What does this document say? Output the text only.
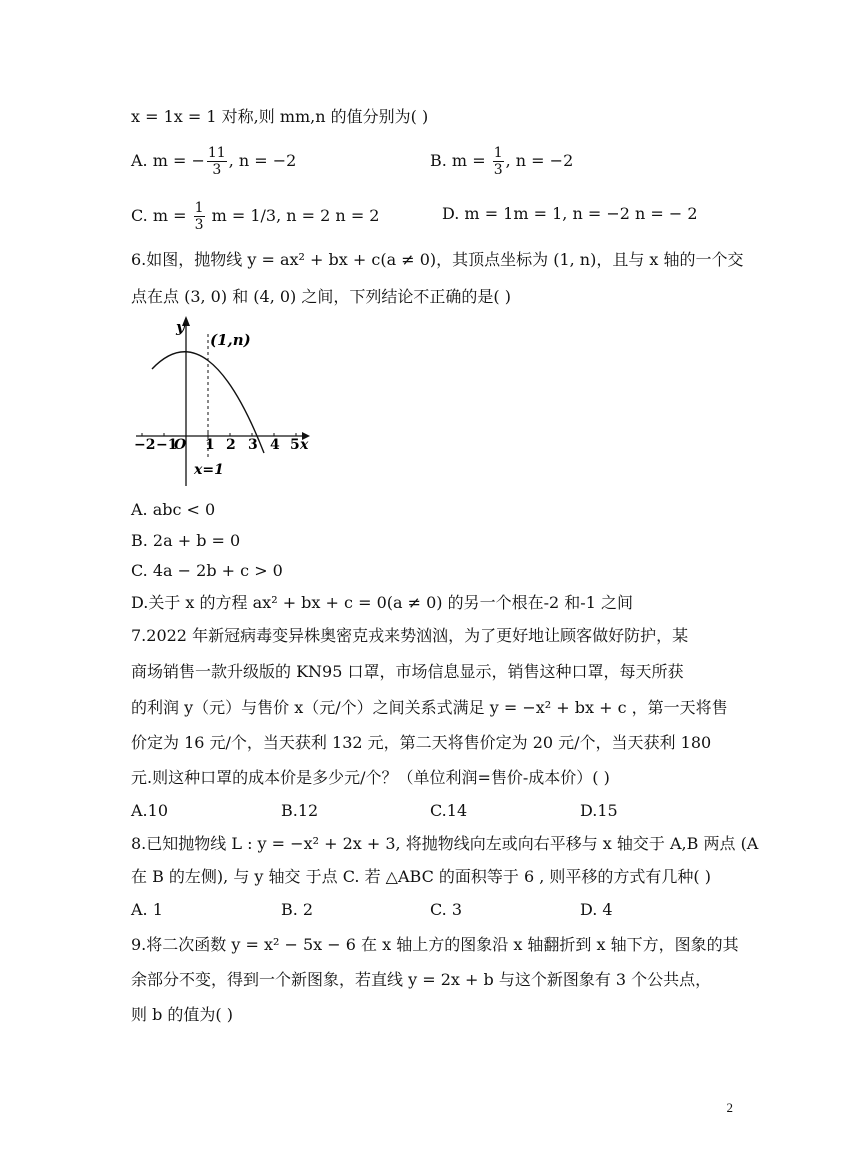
x = 1x = 1 对称,则 mm,n 的值分别为( )
A. m = − $\frac{11}{3}$ , n = −2	B. $m = \frac{1}{3}$ , n = −2
C. $m = \frac{1}{3}$ m = 1/3, n = 2 n = 2	D. m = 1m = 1, n = −2 n = − 2
6.如图，抛物线 y = ax² + bx + c(a ≠ 0)，其顶点坐标为 (1, n)，且与 x 轴的一个交
点在点 (3, 0) 和 (4, 0) 之间，下列结论不正确的是( )
y
(1,n)
x
O
−2 −1 1 2 3 4 5
x=1
A. abc < 0
B. 2a + b = 0
C. 4a − 2b + c > 0
D.关于 x 的方程 ax² + bx + c = 0(a ≠ 0) 的另一个根在-2 和-1 之间
7.2022 年新冠病毒变异株奥密克戎来势汹汹，为了更好地让顾客做好防护，某
商场销售一款升级版的 KN95 口罩，市场信息显示，销售这种口罩，每天所获
的利润 y（元）与售价 x（元/个）之间关系式满足 y = −x² + bx + c ，第一天将售
价定为 16 元/个，当天获利 132 元，第二天将售价定为 20 元/个，当天获利 180
元.则这种口罩的成本价是多少元/个？（单位利润=售价-成本价）( )
A.10	B.12	C.14	D.15
8.已知抛物线 L : y = −x² + 2x + 3, 将抛物线向左或向右平移与 x 轴交于 A,B 两点 (A
在 B 的左侧), 与 y 轴交 于点 C. 若 △ABC 的面积等于 6 , 则平移的方式有几种( )
A. 1	B. 2	C. 3	D. 4
9.将二次函数 y = x² − 5x − 6 在 x 轴上方的图象沿 x 轴翻折到 x 轴下方，图象的其
余部分不变，得到一个新图象，若直线 y = 2x + b 与这个新图象有 3 个公共点，
则 b 的值为( )
2
